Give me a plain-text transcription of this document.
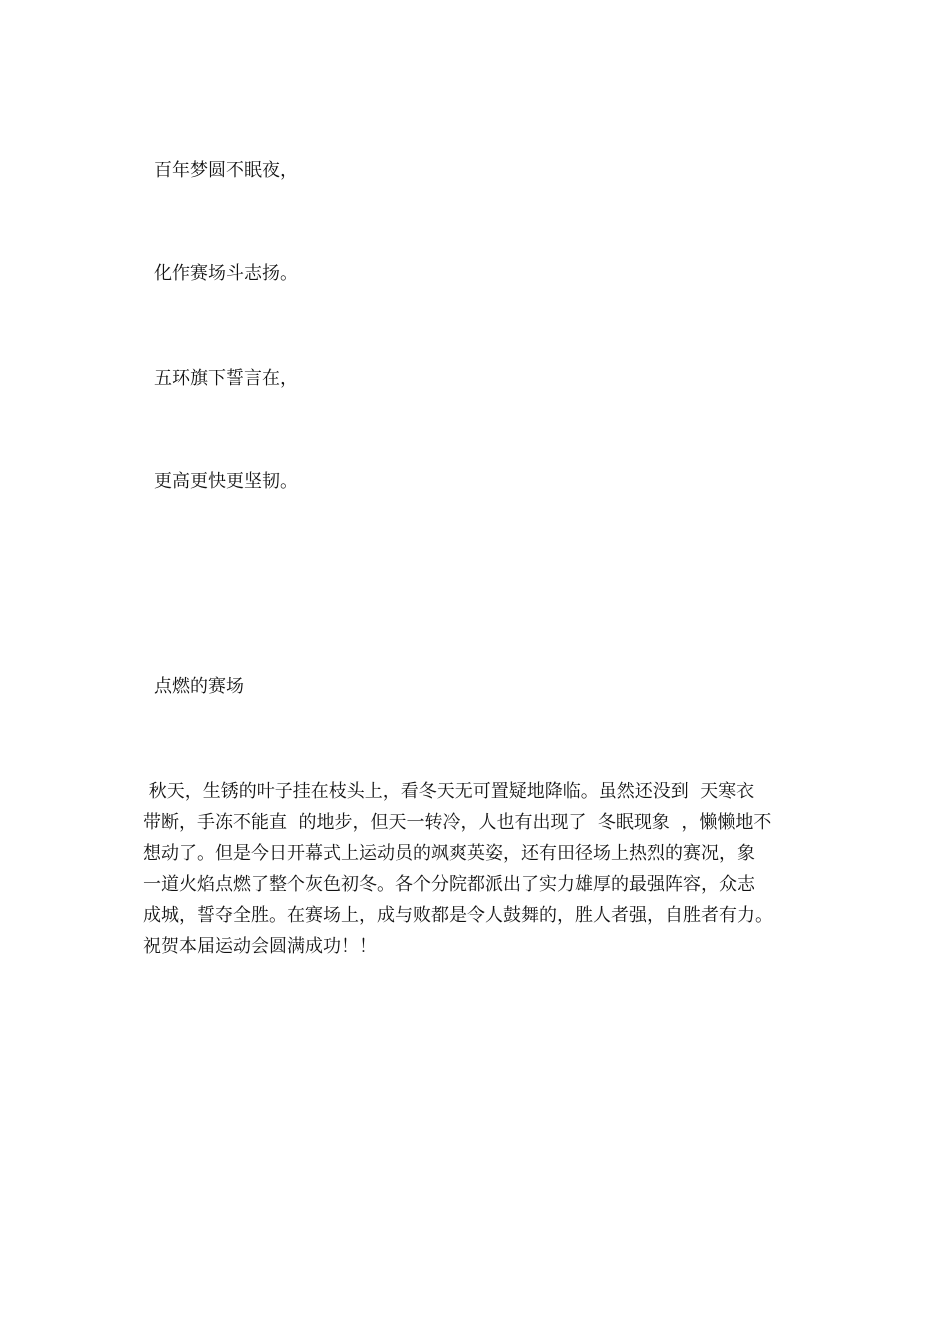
百年梦圆不眠夜，
化作赛场斗志扬。
五环旗下誓言在，
更高更快更坚韧。
点燃的赛场
秋天，生锈的叶子挂在枝头上，看冬天无可置疑地降临。虽然还没到  天寒衣
带断，手冻不能直  的地步，但天一转冷，人也有出现了  冬眠现象  ，懒懒地不
想动了。但是今日开幕式上运动员的飒爽英姿，还有田径场上热烈的赛况，象
一道火焰点燃了整个灰色初冬。各个分院都派出了实力雄厚的最强阵容，众志
成城，誓夺全胜。在赛场上，成与败都是令人鼓舞的，胜人者强，自胜者有力。
祝贺本届运动会圆满成功！！
